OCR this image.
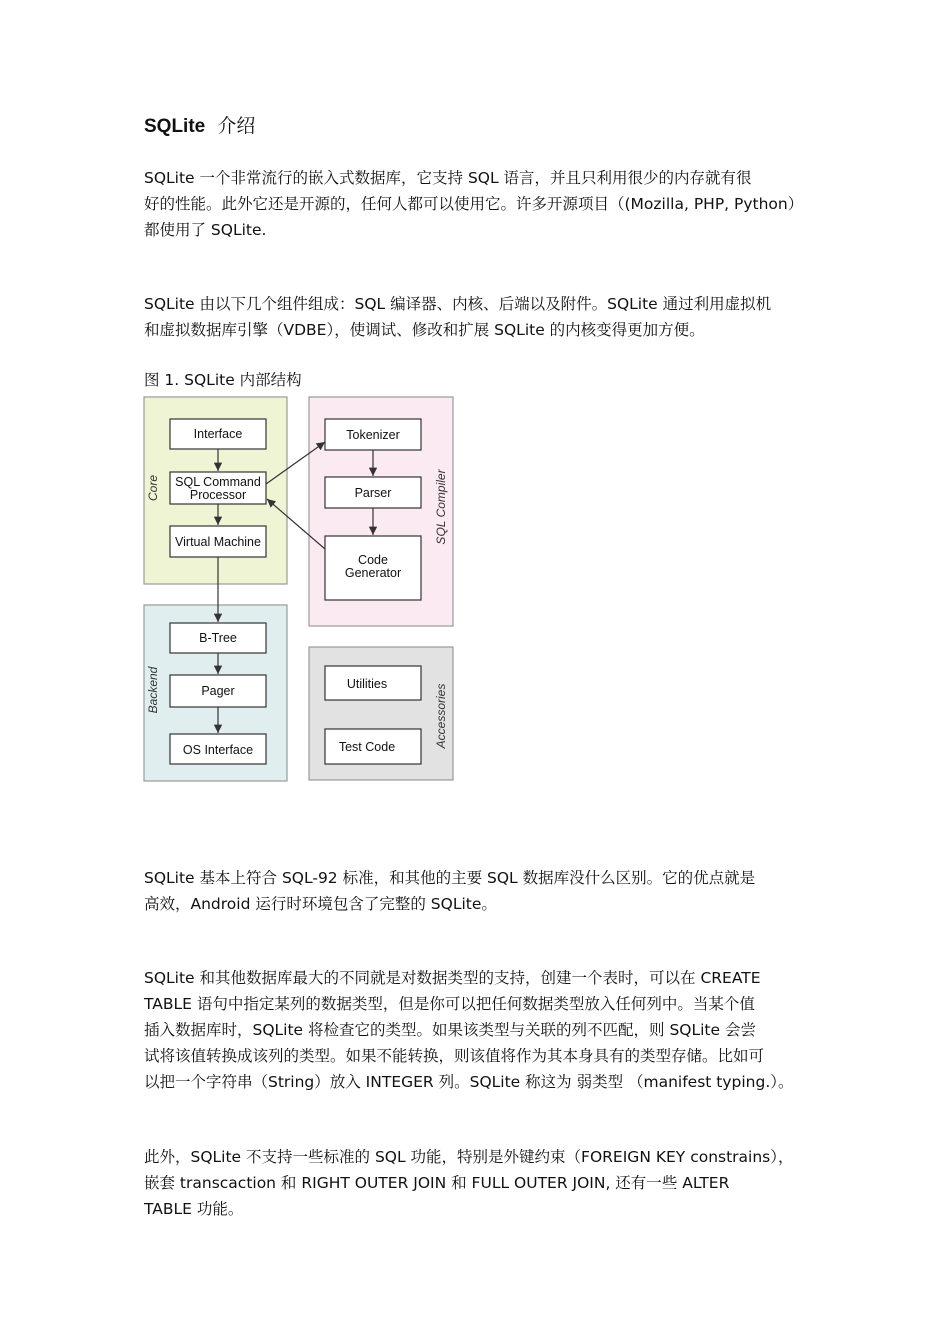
SQLite 介绍
SQLite 一个非常流行的嵌入式数据库，它支持 SQL 语言，并且只利用很少的内存就有很
好的性能。此外它还是开源的，任何人都可以使用它。许多开源项目（(Mozilla, PHP, Python）
都使用了 SQLite.
SQLite 由以下几个组件组成：SQL 编译器、内核、后端以及附件。SQLite 通过利用虚拟机
和虚拟数据库引擎（VDBE），使调试、修改和扩展 SQLite 的内核变得更加方便。
图 1. SQLite 内部结构
Core	SQL Compiler
Backend	Accessories
Interface
SQL Command
Processor
Virtual Machine
Tokenizer
Parser
Code
Generator
B-Tree
Pager
OS Interface
Utilities
Test Code
SQLite 基本上符合 SQL-92 标准，和其他的主要 SQL 数据库没什么区别。它的优点就是
高效，Android 运行时环境包含了完整的 SQLite。
SQLite 和其他数据库最大的不同就是对数据类型的支持，创建一个表时，可以在 CREATE
TABLE 语句中指定某列的数据类型，但是你可以把任何数据类型放入任何列中。当某个值
插入数据库时，SQLite 将检查它的类型。如果该类型与关联的列不匹配，则 SQLite 会尝
试将该值转换成该列的类型。如果不能转换，则该值将作为其本身具有的类型存储。比如可
以把一个字符串（String）放入 INTEGER 列。SQLite 称这为 弱类型 （manifest typing.）。
此外，SQLite 不支持一些标准的 SQL 功能，特别是外键约束（FOREIGN KEY constrains），
嵌套 transcaction 和 RIGHT OUTER JOIN 和 FULL OUTER JOIN, 还有一些 ALTER
TABLE 功能。
